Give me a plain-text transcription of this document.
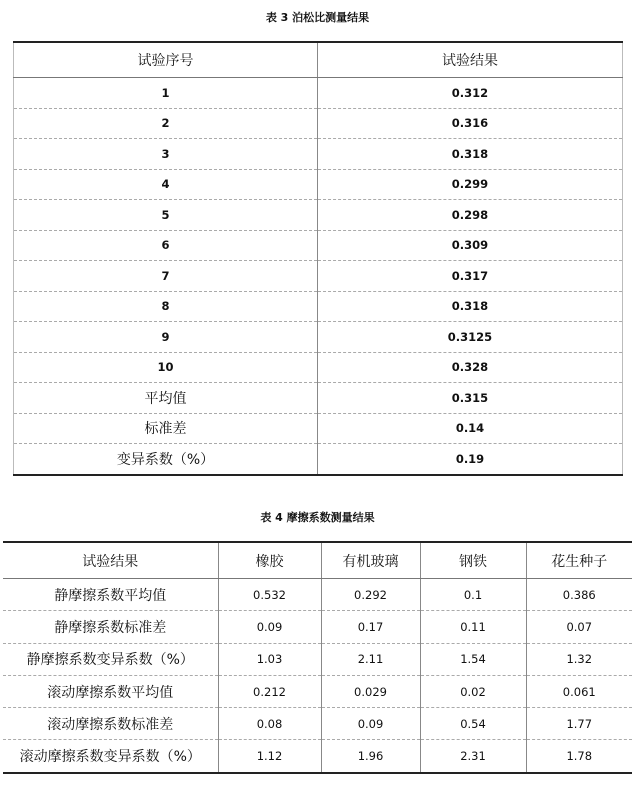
表 3 泊松比测量结果
试验序号	试验结果
1	0.312
2	0.316
3	0.318
4	0.299
5	0.298
6	0.309
7	0.317
8	0.318
9	0.3125
10	0.328
平均值	0.315
标准差	0.14
变异系数（%）	0.19
表 4 摩擦系数测量结果
试验结果	橡胶	有机玻璃	钢铁	花生种子
静摩擦系数平均值	0.532	0.292	0.1	0.386
静摩擦系数标准差	0.09	0.17	0.11	0.07
静摩擦系数变异系数（%）	1.03	2.11	1.54	1.32
滚动摩擦系数平均值	0.212	0.029	0.02	0.061
滚动摩擦系数标准差	0.08	0.09	0.54	1.77
滚动摩擦系数变异系数（%）	1.12	1.96	2.31	1.78
